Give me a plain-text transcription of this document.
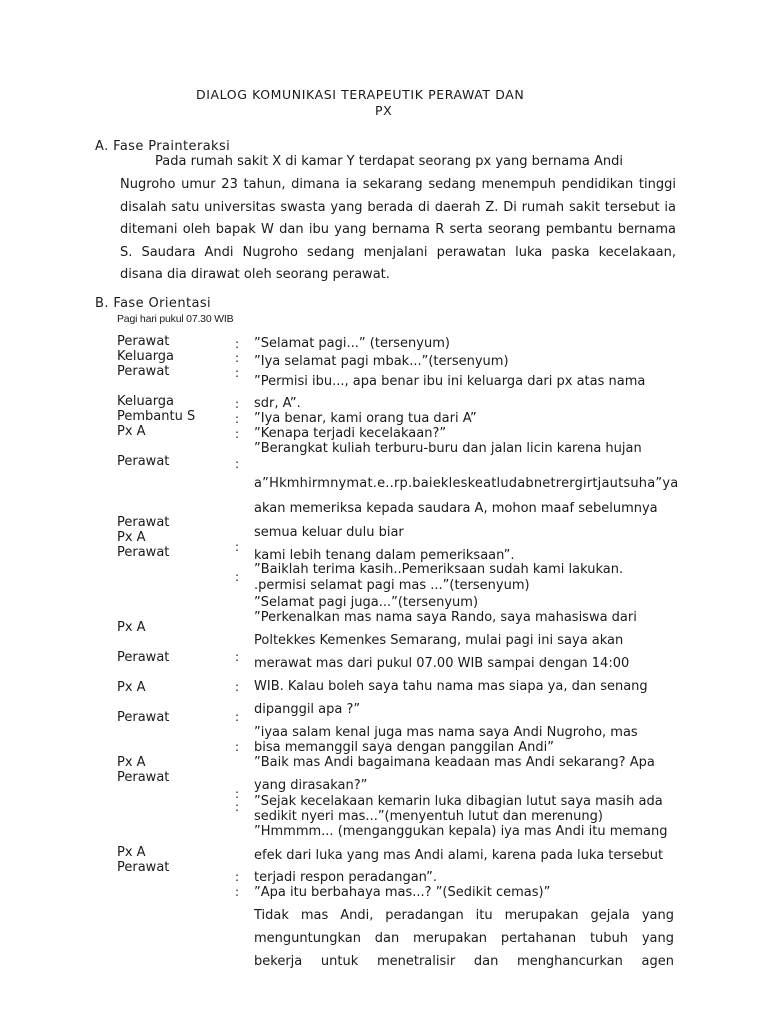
DIALOG KOMUNIKASI TERAPEUTIK PERAWAT DAN
PX
A. Fase Prainteraksi
Pada rumah sakit X di kamar Y terdapat seorang px yang bernama Andi
Nugroho umur 23 tahun, dimana ia sekarang sedang menempuh pendidikan tinggi
disalah satu universitas swasta yang berada di daerah Z. Di rumah sakit tersebut ia
ditemani oleh bapak W dan ibu yang bernama R serta seorang pembantu bernama
S. Saudara Andi Nugroho sedang menjalani perawatan luka paska kecelakaan,
disana dia dirawat oleh seorang perawat.
B. Fase Orientasi
Pagi hari pukul 07.30 WIB
Perawat
Keluarga
Perawat
Keluarga
Pembantu S
Px A
Perawat
Perawat
Px A
Perawat
Px A
Perawat
Px A
Perawat
Px A
Perawat
Px A
Perawat
:
:
:
:
:
:
:
:
:
:
:
:
:
:
:
:
:
”Selamat pagi...” (tersenyum)
”Iya selamat pagi mbak...”(tersenyum)
”Permisi ibu..., apa benar ibu ini keluarga dari px atas nama
sdr, A”.
”Iya benar, kami orang tua dari A”
”Kenapa terjadi kecelakaan?”
”Berangkat kuliah terburu-buru dan jalan licin karena hujan
a”Hkmhirmnymat.e..rp.baiekleskeatludabnetrergirtjautsuha”ya
akan memeriksa kepada saudara A, mohon maaf sebelumnya
semua keluar dulu biar
kami lebih tenang dalam pemeriksaan”.
”Baiklah terima kasih..Pemeriksaan sudah kami lakukan.
.permisi selamat pagi mas ...”(tersenyum)
”Selamat pagi juga...”(tersenyum)
”Perkenalkan mas nama saya Rando, saya mahasiswa dari
Poltekkes Kemenkes Semarang, mulai pagi ini saya akan
merawat mas dari pukul 07.00 WIB sampai dengan 14:00
WIB. Kalau boleh saya tahu nama mas siapa ya, dan senang
dipanggil apa ?”
”iyaa salam kenal juga mas nama saya Andi Nugroho, mas
bisa memanggil saya dengan panggilan Andi”
”Baik mas Andi bagaimana keadaan mas Andi sekarang? Apa
yang dirasakan?”
”Sejak kecelakaan kemarin luka dibagian lutut saya masih ada
sedikit nyeri mas...”(menyentuh lutut dan merenung)
”Hmmmm... (menganggukan kepala) iya mas Andi itu memang
efek dari luka yang mas Andi alami, karena pada luka tersebut
terjadi respon peradangan”.
”Apa itu berbahaya mas...? ”(Sedikit cemas)”
Tidak mas Andi, peradangan itu merupakan gejala yang
menguntungkan dan merupakan pertahanan tubuh yang
bekerja untuk menetralisir dan menghancurkan agen
